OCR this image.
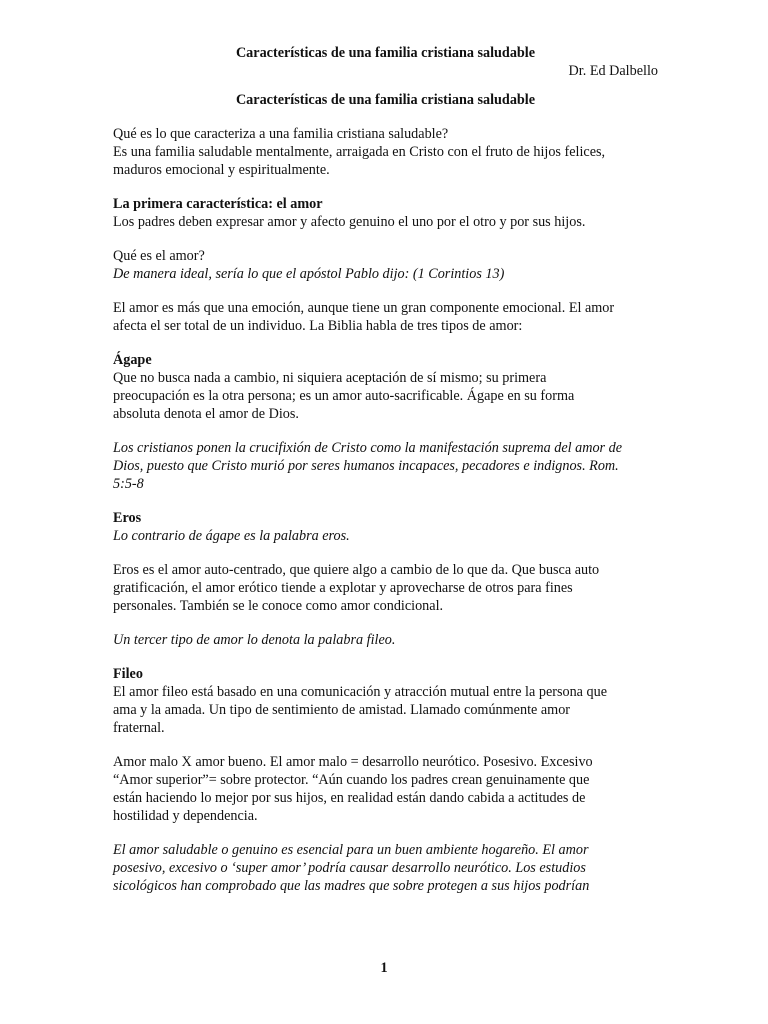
Características de una familia cristiana saludable

Dr. Ed Dalbello

Características de una familia cristiana saludable

Qué es lo que caracteriza a una familia cristiana saludable?
Es una familia saludable mentalmente, arraigada en Cristo con el fruto de hijos felices,
maduros emocional y espiritualmente.
La primera característica: el amor
Los padres deben expresar amor y afecto genuino el uno por el otro y por sus hijos.
Qué es el amor?
De manera ideal, sería lo que el apóstol Pablo dijo: (1 Corintios 13)
El amor es más que una emoción, aunque tiene un gran componente emocional. El amor
afecta el ser total de un individuo. La Biblia habla de tres tipos de amor:
Ágape
Que no busca nada a cambio, ni siquiera aceptación de sí mismo; su primera
preocupación es la otra persona; es un amor auto-sacrificable. Ágape en su forma
absoluta denota el amor de Dios.
Los cristianos ponen la crucifixión de Cristo como la manifestación suprema del amor de
Dios, puesto que Cristo murió por seres humanos incapaces, pecadores e indignos. Rom.
5:5-8
Eros
Lo contrario de ágape es la palabra eros.
Eros es el amor auto-centrado, que quiere algo a cambio de lo que da. Que busca auto
gratificación, el amor erótico tiende a explotar y aprovecharse de otros para fines
personales. También se le conoce como amor condicional.
Un tercer tipo de amor lo denota la palabra fileo.
Fileo
El amor fileo está basado en una comunicación y atracción mutual entre la persona que
ama y la amada. Un tipo de sentimiento de amistad. Llamado comúnmente amor
fraternal.
Amor malo X amor bueno. El amor malo = desarrollo neurótico. Posesivo. Excesivo
“Amor superior”= sobre protector. “Aún cuando los padres crean genuinamente que
están haciendo lo mejor por sus hijos, en realidad están dando cabida a actitudes de
hostilidad y dependencia.
El amor saludable o genuino es esencial para un buen ambiente hogareño. El amor
posesivo, excesivo o ‘super amor’ podría causar desarrollo neurótico. Los estudios
sicológicos han comprobado que las madres que sobre protegen a sus hijos podrían
1
